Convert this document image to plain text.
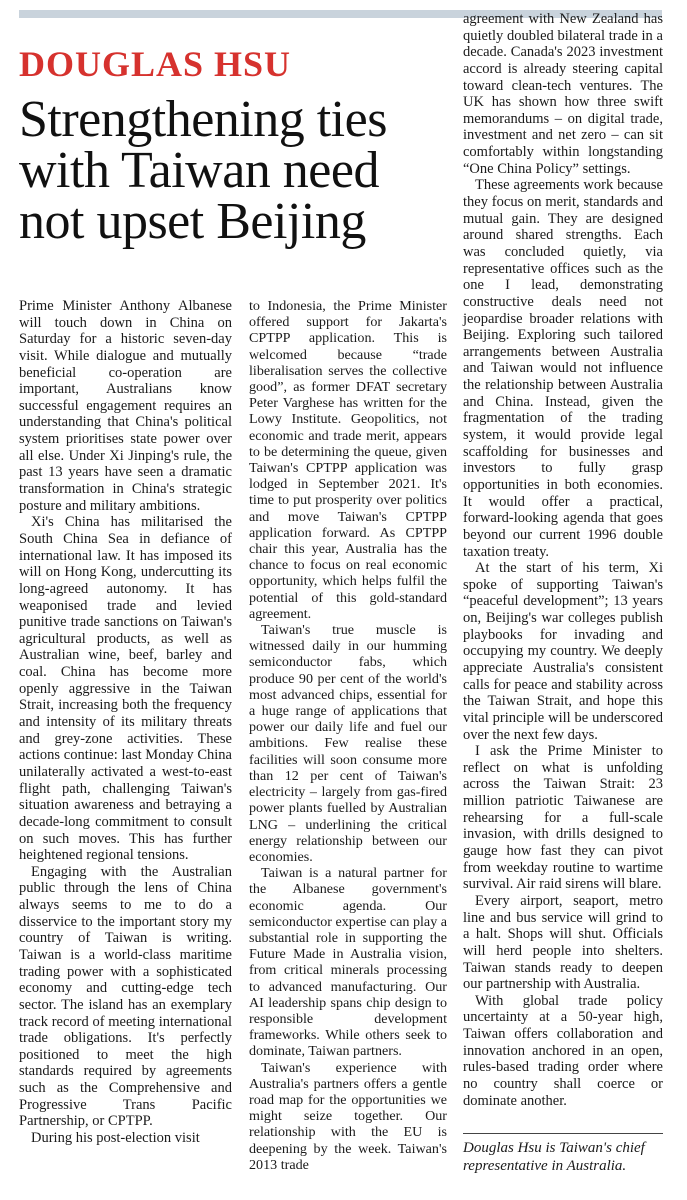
DOUGLAS HSU
Strengthening ties with Taiwan need not upset Beijing

Prime Minister Anthony Albanese will touch down in China on Saturday for a historic seven-day visit. While dialogue and mutually beneficial co-operation are important, Australians know successful engagement requires an understanding that China's political system prioritises state power over all else. Under Xi Jinping's rule, the past 13 years have seen a dramatic transformation in China's strategic posture and military ambitions.

Xi's China has militarised the South China Sea in defiance of international law. It has imposed its will on Hong Kong, undercutting its long-agreed autonomy. It has weaponised trade and levied punitive trade sanctions on Taiwan's agricultural products, as well as Australian wine, beef, barley and coal. China has become more openly aggressive in the Taiwan Strait, increasing both the frequency and intensity of its military threats and grey-zone activities. These actions continue: last Monday China unilaterally activated a west-to-east flight path, challenging Taiwan's situation awareness and betraying a decade-long commitment to consult on such moves. This has further heightened regional tensions.

Engaging with the Australian public through the lens of China always seems to me to do a disservice to the important story my country of Taiwan is writing. Taiwan is a world-class maritime trading power with a sophisticated economy and cutting-edge tech sector. The island has an exemplary track record of meeting international trade obligations. It's perfectly positioned to meet the high standards required by agreements such as the Comprehensive and Progressive Trans Pacific Partnership, or CPTPP.

During his post-election visit

to Indonesia, the Prime Minister offered support for Jakarta's CPTPP application. This is welcomed because “trade liberalisation serves the collective good”, as former DFAT secretary Peter Varghese has written for the Lowy Institute. Geopolitics, not economic and trade merit, appears to be determining the queue, given Taiwan's CPTPP application was lodged in September 2021. It's time to put prosperity over politics and move Taiwan's CPTPP application forward. As CPTPP chair this year, Australia has the chance to focus on real economic opportunity, which helps fulfil the potential of this gold-standard agreement.

Taiwan's true muscle is witnessed daily in our humming semiconductor fabs, which produce 90 per cent of the world's most advanced chips, essential for a huge range of applications that power our daily life and fuel our ambitions. Few realise these facilities will soon consume more than 12 per cent of Taiwan's electricity – largely from gas-fired power plants fuelled by Australian LNG – underlining the critical energy relationship between our economies.

Taiwan is a natural partner for the Albanese government's economic agenda. Our semiconductor expertise can play a substantial role in supporting the Future Made in Australia vision, from critical minerals processing to advanced manufacturing. Our AI leadership spans chip design to responsible development frameworks. While others seek to dominate, Taiwan partners.

Taiwan's experience with Australia's partners offers a gentle road map for the opportunities we might seize together. Our relationship with the EU is deepening by the week. Taiwan's 2013 trade

agreement with New Zealand has quietly doubled bilateral trade in a decade. Canada's 2023 investment accord is already steering capital toward clean-tech ventures. The UK has shown how three swift memorandums – on digital trade, investment and net zero – can sit comfortably within longstanding “One China Policy” settings.

These agreements work because they focus on merit, standards and mutual gain. They are designed around shared strengths. Each was concluded quietly, via representative offices such as the one I lead, demonstrating constructive deals need not jeopardise broader relations with Beijing. Exploring such tailored arrangements between Australia and Taiwan would not influence the relationship between Australia and China. Instead, given the fragmentation of the trading system, it would provide legal scaffolding for businesses and investors to fully grasp opportunities in both economies. It would offer a practical, forward-looking agenda that goes beyond our current 1996 double taxation treaty.

At the start of his term, Xi spoke of supporting Taiwan's “peaceful development”; 13 years on, Beijing's war colleges publish playbooks for invading and occupying my country. We deeply appreciate Australia's consistent calls for peace and stability across the Taiwan Strait, and hope this vital principle will be underscored over the next few days.

I ask the Prime Minister to reflect on what is unfolding across the Taiwan Strait: 23 million patriotic Taiwanese are rehearsing for a full-scale invasion, with drills designed to gauge how fast they can pivot from weekday routine to wartime survival. Air raid sirens will blare.

Every airport, seaport, metro line and bus service will grind to a halt. Shops will shut. Officials will herd people into shelters. Taiwan stands ready to deepen our partnership with Australia.

With global trade policy uncertainty at a 50-year high, Taiwan offers collaboration and innovation anchored in an open, rules-based trading order where no country shall coerce or dominate another.

Douglas Hsu is Taiwan's chief representative in Australia.
